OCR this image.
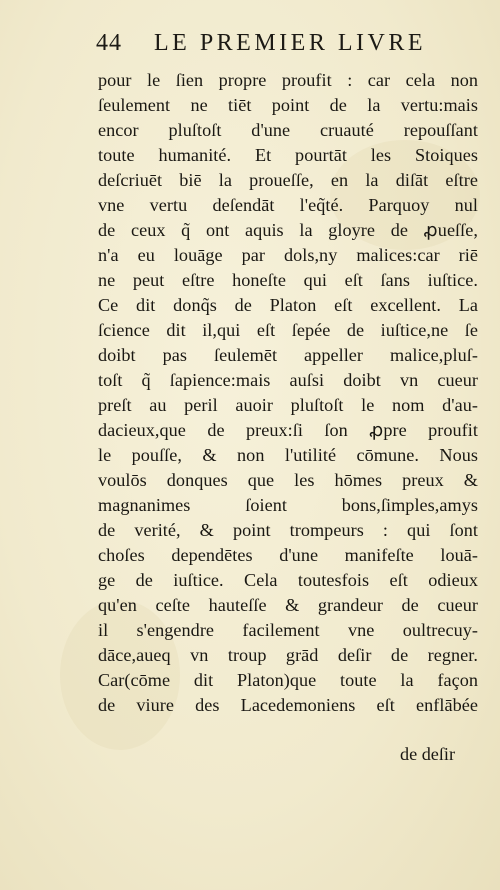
44 LE PREMIER LIVRE
pour le ſien propre proufit : car cela non
ſeulement ne tiēt point de la vertu:mais
encor pluſtoſt d'une cruauté repouſſant
toute humanité. Et pourtāt les Stoiques
deſcriuēt biē la proueſſe, en la diſāt eſtre
vne vertu deſendāt l'eq̃té. Parquoy nul
de ceux q̃ ont aquis la gloyre de ꝓueſſe,
n'a eu louāge par dols,ny malices:car riē
ne peut eſtre honeſte qui eſt ſans iuſtice.
Ce dit donq̃s de Platon eſt excellent. La
ſcience dit il,qui eſt ſepée de iuſtice,ne ſe
doibt pas ſeulemēt appeller malice,pluſ-
toſt q̃ ſapience:mais auſsi doibt vn cueur
preſt au peril auoir pluſtoſt le nom d'au-
dacieux,que de preux:ſi ſon ꝓpre proufit
le pouſſe, & non l'utilité cōmune. Nous
voulōs donques que les hōmes preux &
magnanimes ſoient bons,ſimples,amys
de verité, & point trompeurs : qui ſont
choſes dependētes d'une manifeſte louā-
ge de iuſtice. Cela toutesfois eſt odieux
qu'en ceſte hauteſſe & grandeur de cueur
il s'engendre facilement vne oultrecuy-
dāce,aueq vn troup grād deſir de regner.
Car(cōme dit Platon)que toute la façon
de viure des Lacedemoniens eſt enflābée
de deſir
